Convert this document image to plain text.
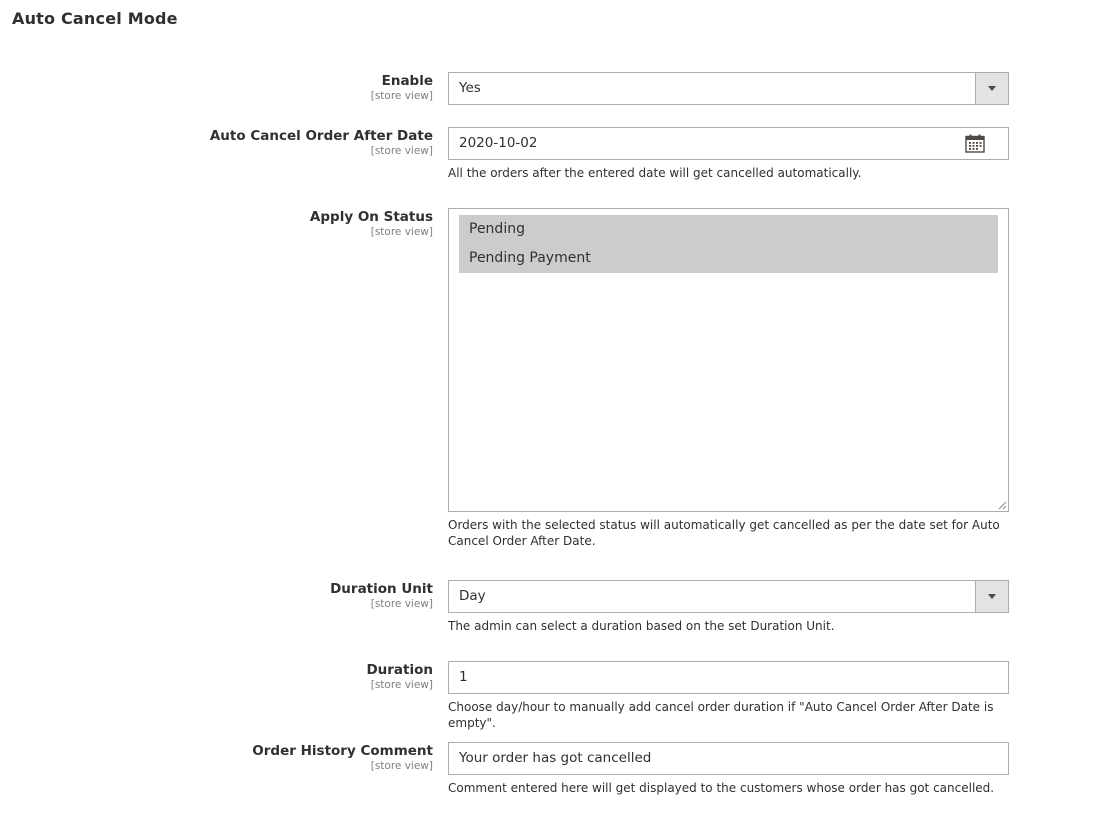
Auto Cancel Mode
Enable
[store view]	Yes
Auto Cancel Order After Date
[store view]	2020-10-02
All the orders after the entered date will get cancelled automatically.
Apply On Status
[store view]	Pending
Pending Payment
Orders with the selected status will automatically get cancelled as per the date set for Auto Cancel Order After Date.
Duration Unit
[store view]	Day
The admin can select a duration based on the set Duration Unit.
Duration
[store view]	1
Choose day/hour to manually add cancel order duration if "Auto Cancel Order After Date is empty".
Order History Comment
[store view]	Your order has got cancelled
Comment entered here will get displayed to the customers whose order has got cancelled.
